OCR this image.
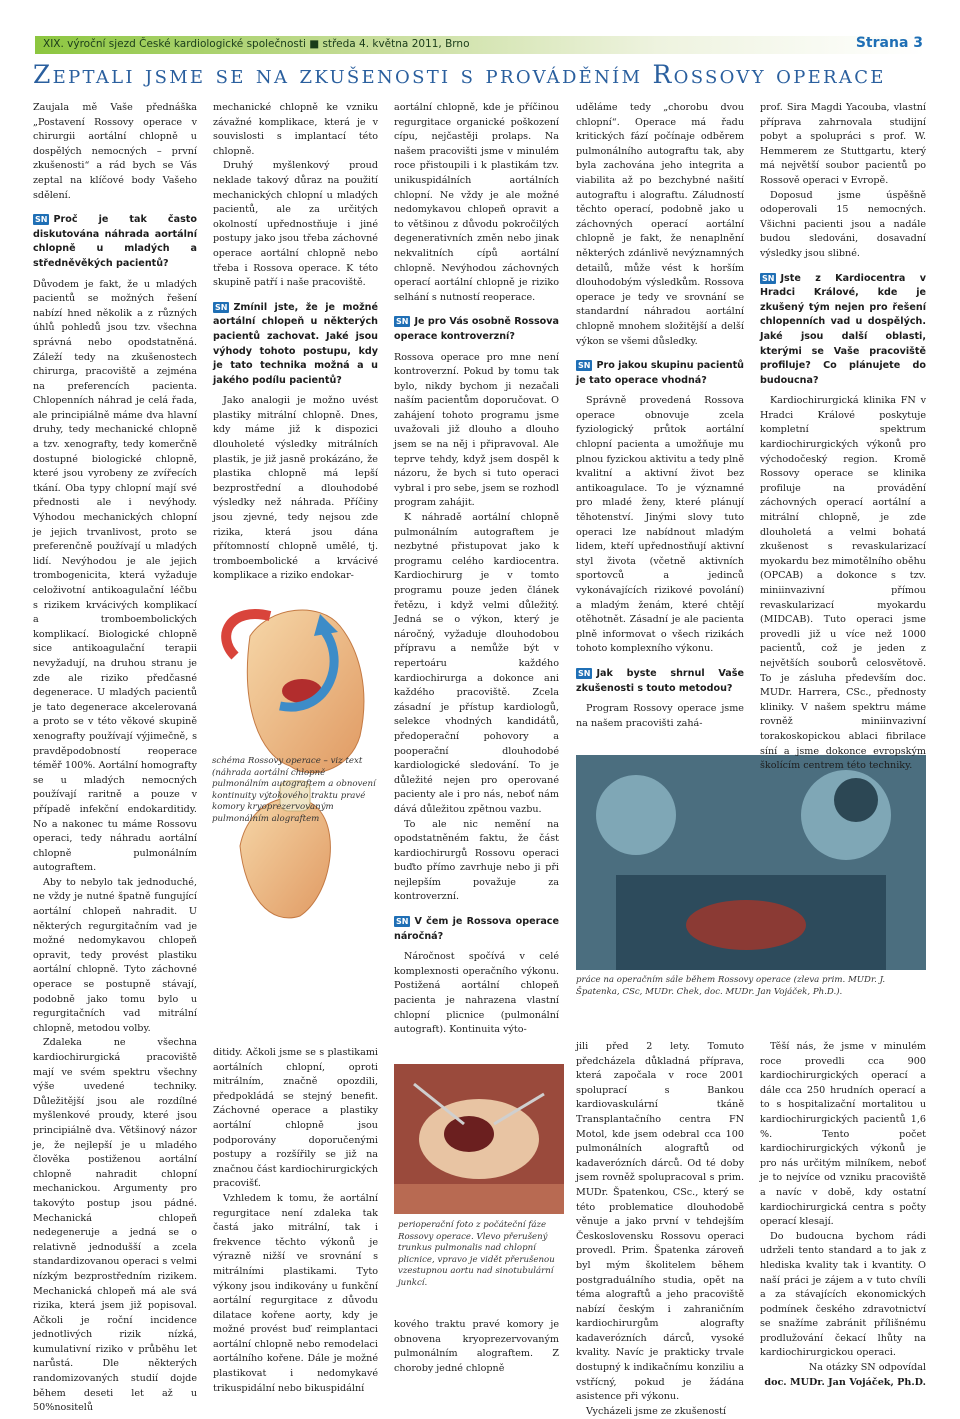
XIX. výroční sjezd České kardiologické společnosti ■ středa 4. května 2011, Brno	Strana 3
Zeptali jsme se na zkušenosti s prováděním Rossovy operace

Zaujala mě Vaše přednáška „Postavení Rossovy operace v chirurgii aortální chlopně u dospělých nemocných – první zkušenosti“ a rád bych se Vás zeptal na klíčové body Vašeho sdělení.

SN Proč je tak často diskutována náhrada aortální chlopně u mladých a středněvěkých pacientů?

Důvodem je fakt, že u mladých pacientů se možných řešení nabízí hned několik a z různých úhlů pohledů jsou tzv. všechna správná nebo opodstatněná. Záleží tedy na zkušenostech chirurga, pracoviště a zejména na preferencích pacienta. Chlopenních náhrad je celá řada, ale principiálně máme dva hlavní druhy, tedy mechanické chlopně a tzv. xenografty, tedy komerčně dostupné biologické chlopně, které jsou vyrobeny ze zvířecích tkání. Oba typy chlopní mají své přednosti ale i nevýhody. Výhodou mechanických chlopní je jejich trvanlivost, proto se preferenčně používají u mladých lidí. Nevýhodou je ale jejich trombogenicita, která vyžaduje celoživotní antikoagulační léčbu s rizikem krvácivých komplikací a tromboembolických komplikací. Biologické chlopně sice antikoagulační terapii nevyžadují, na druhou stranu je zde ale riziko předčasné degenerace. U mladých pacientů je tato degenerace akcelerovaná a proto se v této věkové skupině xenografty používají výjimečně, s pravděpodobností reoperace téměř 100%. Aortální homografty se u mladých nemocných používají raritně a pouze v případě infekční endokarditidy. No a nakonec tu máme Rossovu operaci, tedy náhradu aortální chlopně pulmonálním autograftem.

Aby to nebylo tak jednoduché, ne vždy je nutné špatně fungující aortální chlopeň nahradit. U některých regurgitačním vad je možné nedomykavou chlopeň opravit, tedy provést plastiku aortální chlopně. Tyto záchovné operace se postupně stávají, podobně jako tomu bylo u regurgitačních vad mitrální chlopně, metodou volby.

Zdaleka ne všechna kardiochirurgická pracoviště mají ve svém spektru všechny výše uvedené techniky. Důležitější jsou ale rozdílné myšlenkové proudy, které jsou principiálně dva. Většinový názor je, že nejlepší je u mladého člověka postiženou aortální chlopně nahradit chlopní mechanickou. Argumenty pro takovýto postup jsou pádné. Mechanická chlopeň nedegeneruje a jedná se o relativně jednodušší a zcela standardizovanou operaci s velmi nízkým bezprostředním rizikem. Mechanická chlopeň má ale svá rizika, která jsem již popisoval. Ačkoli je roční incidence jednotlivých rizik nízká, kumulativní riziko v průběhu let narůstá. Dle některých randomizovaných studií dojde během deseti let až u 50%nositelů

mechanické chlopně ke vzniku závažné komplikace, která je v souvislosti s implantací této chlopně.

Druhý myšlenkový proud neklade takový důraz na použití mechanických chlopní u mladých pacientů, ale za určitých okolností upřednostňuje i jiné postupy jako jsou třeba záchovné operace aortální chlopně nebo třeba i Rossova operace. K této skupině patří i naše pracoviště.

SN Zmínil jste, že je možné aortální chlopeň u některých pacientů zachovat. Jaké jsou výhody tohoto postupu, kdy je tato technika možná a u jakého podílu pacientů?

Jako analogii je možno uvést plastiky mitrální chlopně. Dnes, kdy máme již k dispozici dlouholeté výsledky mitrálních plastik, je již jasně prokázáno, že plastika chlopně má lepší bezprostřední a dlouhodobé výsledky než náhrada. Příčiny jsou zjevné, tedy nejsou zde rizika, která jsou dána přítomností chlopně umělé, tj. tromboembolické a krvácivé komplikace a riziko endokar-

schéma Rossovy operace – viz text (náhrada aortální chlopně pulmonálním autograftem a obnovení kontinuity výtokového traktu pravé komory kryoprezervovaným pulmonálním alograftem

ditidy. Ačkoli jsme se s plastikami aortálních chlopní, oproti mitrálním, značně opozdili, předpokládá se stejný benefit. Záchovné operace a plastiky aortální chlopně jsou podporovány doporučenými postupy a rozšířily se již na značnou část kardiochirurgických pracovišť.

Vzhledem k tomu, že aortální regurgitace není zdaleka tak častá jako mitrální, tak i frekvence těchto výkonů je výrazně nižší ve srovnání s mitrálními plastikami. Tyto výkony jsou indikovány u funkční aortální regurgitace z důvodu dilatace kořene aorty, kdy je možné provést buď reimplantaci aortální chlopně nebo remodelaci aortálního kořene. Dále je možné plastikovat i nedomykavé trikuspidální nebo bikuspidální

aortální chlopně, kde je příčinou regurgitace organické poškození cípu, nejčastěji prolaps. Na našem pracovišti jsme v minulém roce přistoupili i k plastikám tzv. unikuspidálních aortálních chlopní. Ne vždy je ale možné nedomykavou chlopeň opravit a to většinou z důvodu pokročilých degenerativních změn nebo jinak nekvalitních cípů aortální chlopně. Nevýhodou záchovných operací aortální chlopně je riziko selhání s nutností reoperace.

SN Je pro Vás osobně Rossova operace kontroverzní?

Rossova operace pro mne není kontroverzní. Pokud by tomu tak bylo, nikdy bychom ji nezačali naším pacientům doporučovat. O zahájení tohoto programu jsme uvažovali již dlouho a dlouho jsem se na něj i připravoval. Ale teprve tehdy, když jsem dospěl k názoru, že bych si tuto operaci vybral i pro sebe, jsem se rozhodl program zahájit.

K náhradě aortální chlopně pulmonálním autograftem je nezbytné přistupovat jako k programu celého kardiocentra. Kardiochirurg je v tomto programu pouze jeden článek řetězu, i když velmi důležitý. Jedná se o výkon, který je náročný, vyžaduje dlouhodobou přípravu a nemůže být v repertoáru každého kardiochirurga a dokonce ani každého pracoviště. Zcela zásadní je přístup kardiologů, selekce vhodných kandidátů, předoperační pohovory a pooperační dlouhodobé kardiologické sledování. To je důležité nejen pro operované pacienty ale i pro nás, neboť nám dává důležitou zpětnou vazbu.

To ale nic nemění na opodstatněném faktu, že část kardiochirurgů Rossovu operaci buďto přímo zavrhuje nebo ji při nejlepším považuje za kontroverzní.

SN V čem je Rossova operace náročná?

Náročnost spočívá v celé komplexnosti operačního výkonu. Postižená aortální chlopeň pacienta je nahrazena vlastní chlopní plicnice (pulmonální autograft). Kontinuita výto-

perioperační foto z počáteční fáze Rossovy operace. Vlevo přerušený trunkus pulmonalis nad chlopní plicnice, vpravo je vidět přerušenou vzestupnou aortu nad sinotubulární junkcí.

kového traktu pravé komory je obnovena kryoprezervovaným pulmonálním alograftem. Z choroby jedné chlopně

uděláme tedy „chorobu dvou chlopní“. Operace má řadu kritických fází počínaje odběrem pulmonálního autograftu tak, aby byla zachována jeho integrita a viabilita až po bezchybné našití autograftu i alograftu. Záludností těchto operací, podobně jako u záchovných operací aortální chlopně je fakt, že nenaplnění některých zdánlivě nevýznamných detailů, může vést k horším dlouhodobým výsledkům. Rossova operace je tedy ve srovnání se standardní náhradou aortální chlopně mnohem složitější a delší výkon se všemi důsledky.

SN Pro jakou skupinu pacientů je tato operace vhodná?

Správně provedená Rossova operace obnovuje zcela fyziologický průtok aortální chlopní pacienta a umožňuje mu plnou fyzickou aktivitu a tedy plně kvalitní a aktivní život bez antikoagulace. To je významné pro mladé ženy, které plánují těhotenství. Jinými slovy tuto operaci lze nabídnout mladým lidem, kteří upřednostňují aktivní styl života (včetně aktivních sportovců a jedinců vykonávajících rizikové povolání) a mladým ženám, které chtějí otěhotnět. Zásadní je ale pacienta plně informovat o všech rizikách tohoto komplexního výkonu.

SN Jak byste shrnul Vaše zkušenosti s touto metodou?

Program Rossovy operace jsme na našem pracovišti zahá-

práce na operačním sále během Rossovy operace (zleva prim. MUDr. J. Špatenka, CSc, MUDr. Chek, doc. MUDr. Jan Vojáček, Ph.D.).

jili před 2 lety. Tomuto předcházela důkladná příprava, která započala v roce 2001 spoluprací s Bankou kardiovaskulární tkáně Transplantačního centra FN Motol, kde jsem odebral cca 100 pulmonálních alograftů od kadaverózních dárců. Od té doby jsem rovněž spolupracoval s prim. MUDr. Špatenkou, CSc., který se této problematice dlouhodobě věnuje a jako první v tehdejším Československu Rossovu operaci provedl. Prim. Špatenka zároveň byl mým školitelem během postgraduálního studia, opět na téma alograftů a jeho pracoviště nabízí českým i zahraničním kardiochirurgům alografty kadaverózních dárců, vysoké kvality. Navíc je prakticky trvale dostupný k indikačnímu konziliu a vstřícný, pokud je žádána asistence při výkonu.

Vycházeli jsme ze zkušeností

prof. Sira Magdi Yacouba, vlastní příprava zahrnovala studijní pobyt a spolupráci s prof. W. Hemmerem ze Stuttgartu, který má největší soubor pacientů po Rossově operaci v Evropě.

Doposud jsme úspěšně odoperovali 15 nemocných. Všichni pacienti jsou a nadále budou sledováni, dosavadní výsledky jsou slibné.

SN Jste z Kardiocentra v Hradci Králové, kde je zkušený tým nejen pro řešení chlopenních vad u dospělých. Jaké jsou další oblasti, kterými se Vaše pracoviště profiluje? Co plánujete do budoucna?

Kardiochirurgická klinika FN v Hradci Králové poskytuje kompletní spektrum kardiochirurgických výkonů pro východočeský region. Kromě Rossovy operace se klinika profiluje na provádění záchovných operací aortální a mitrální chlopně, je zde dlouholetá a velmi bohatá zkušenost s revaskularizací myokardu bez mimotělního oběhu (OPCAB) a dokonce s tzv. miniinvazivní přímou revaskularizací myokardu (MIDCAB). Tuto operaci jsme provedli již u více než 1000 pacientů, což je jeden z největších souborů celosvětově. To je zásluha především doc. MUDr. Harrera, CSc., přednosty kliniky. V našem spektru máme rovněž miniinvazivní torakoskopickou ablaci fibrilace síní a jsme dokonce evropským školícím centrem této techniky.

Těší nás, že jsme v minulém roce provedli cca 900 kardiochirurgických operací a dále cca 250 hrudních operací a to s hospitalizační mortalitou u kardiochirurgických pacientů 1,6 %. Tento počet kardiochirurgických výkonů je pro nás určitým milníkem, neboť je to nejvíce od vzniku pracoviště a navíc v době, kdy ostatní kardiochirurgická centra s počty operací klesají.

Do budoucna bychom rádi udrželi tento standard a to jak z hlediska kvality tak i kvantity. O naší práci je zájem a v tuto chvíli a za stávajících ekonomických podmínek českého zdravotnictví se snažíme zabránit přílišnému prodlužování čekací lhůty na kardiochirurgickou operaci.

Na otázky SN odpovídal
doc. MUDr. Jan Vojáček, Ph.D.
